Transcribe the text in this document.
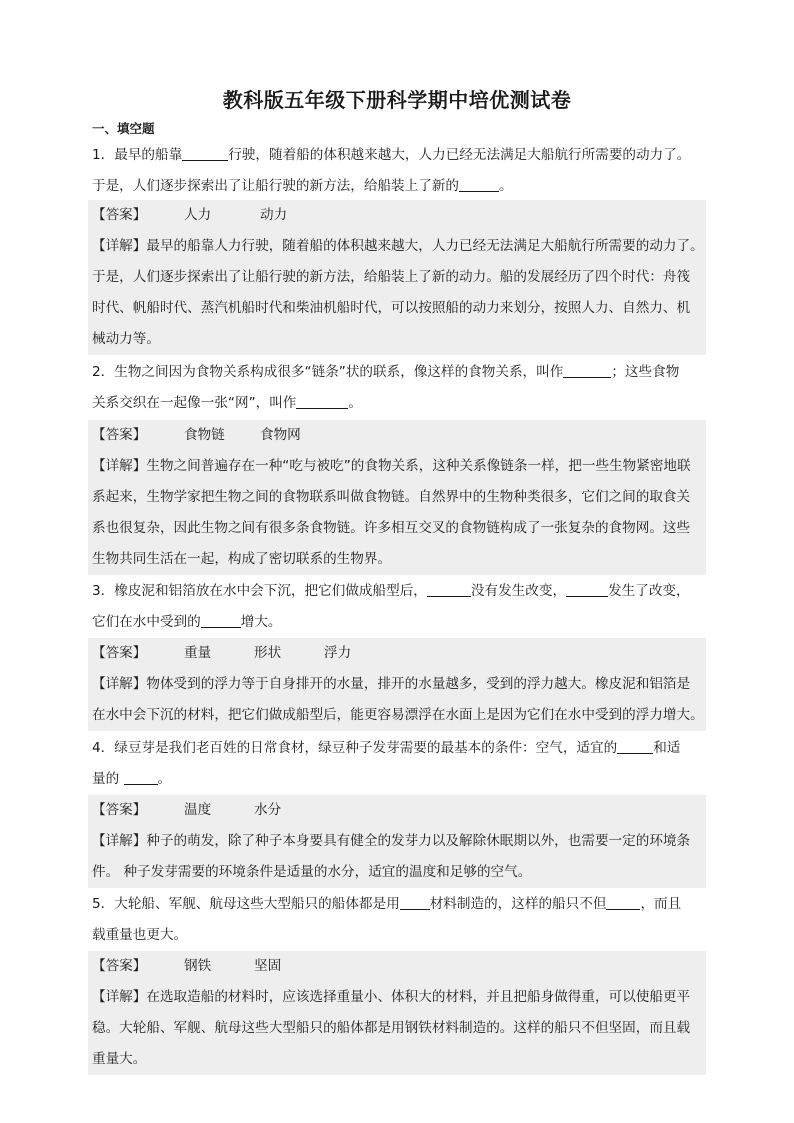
教科版五年级下册科学期中培优测试卷
一、填空题
1．最早的船靠	行驶，随着船的体积越来越大，人力已经无法满足大船航行所需要的动力了。
于是，人们逐步探索出了让船行驶的新方法，给船装上了新的	。
【答案】	人力	动力
【详解】最早的船靠人力行驶，随着船的体积越来越大，人力已经无法满足大船航行所需要的动力了。
于是，人们逐步探索出了让船行驶的新方法，给船装上了新的动力。船的发展经历了四个时代：舟筏
时代、帆船时代、蒸汽机船时代和柴油机船时代，可以按照船的动力来划分，按照人力、自然力、机
械动力等。
2．生物之间因为食物关系构成很多“链条”状的联系，像这样的食物关系，叫作	；这些食物
关系交织在一起像一张“网”，叫作	。
【答案】	食物链	食物网
【详解】生物之间普遍存在一种“吃与被吃”的食物关系，这种关系像链条一样，把一些生物紧密地联
系起来，生物学家把生物之间的食物联系叫做食物链。自然界中的生物种类很多，它们之间的取食关
系也很复杂，因此生物之间有很多条食物链。许多相互交叉的食物链构成了一张复杂的食物网。这些
生物共同生活在一起，构成了密切联系的生物界。
3．橡皮泥和铝箔放在水中会下沉，把它们做成船型后，	没有发生改变，	发生了改变，
它们在水中受到的	增大。
【答案】	重量	形状	浮力
【详解】物体受到的浮力等于自身排开的水量，排开的水量越多，受到的浮力越大。橡皮泥和铝箔是
在水中会下沉的材料，把它们做成船型后，能更容易漂浮在水面上是因为它们在水中受到的浮力增大。
4．绿豆芽是我们老百姓的日常食材，绿豆种子发芽需要的最基本的条件：空气，适宜的	和适
量的	。
【答案】	温度	水分
【详解】种子的萌发，除了种子本身要具有健全的发芽力以及解除休眠期以外，也需要一定的环境条
件。 种子发芽需要的环境条件是适量的水分，适宜的温度和足够的空气。
5．大轮船、军舰、航母这些大型船只的船体都是用 材料制造的，这样的船只不但	，而且
载重量也更大。
【答案】	钢铁	坚固
【详解】在选取造船的材料时，应该选择重量小、体积大的材料，并且把船身做得重，可以使船更平
稳。大轮船、军舰、航母这些大型船只的船体都是用钢铁材料制造的。这样的船只不但坚固，而且载
重量大。
